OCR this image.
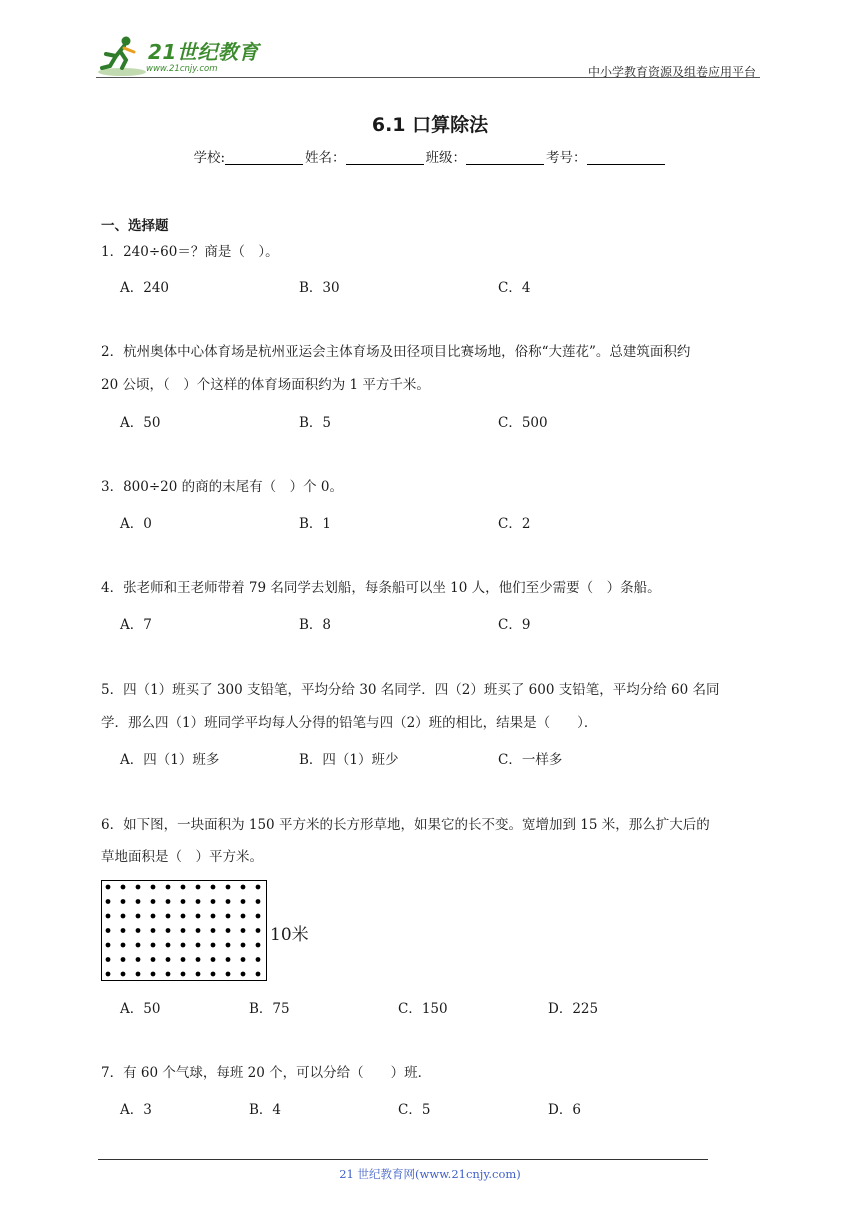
21世纪教育
www.21cnjy.com	中小学教育资源及组卷应用平台
6.1 口算除法
学校:	姓名：	班级：	考号：
一、选择题
1．240÷60＝？商是（　）。
A．240	B．30	C．4
2．杭州奥体中心体育场是杭州亚运会主体育场及田径项目比赛场地，俗称“大莲花”。总建筑面积约
20 公顷，（　）个这样的体育场面积约为 1 平方千米。
A．50	B．5	C．500
3．800÷20 的商的末尾有（　）个 0。
A．0	B．1	C．2
4．张老师和王老师带着 79 名同学去划船，每条船可以坐 10 人，他们至少需要（　）条船。
A．7	B．8	C．9
5．四（1）班买了 300 支铅笔，平均分给 30 名同学．四（2）班买了 600 支铅笔，平均分给 60 名同
学．那么四（1）班同学平均每人分得的铅笔与四（2）班的相比，结果是（　　）．
A．四（1）班多	B．四（1）班少	C．一样多
6．如下图，一块面积为 150 平方米的长方形草地，如果它的长不变。宽增加到 15 米，那么扩大后的
草地面积是（　）平方米。
10米
A．50	B．75	C．150	D．225
7．有 60 个气球，每班 20 个，可以分给（　　）班．
A．3	B．4	C．5	D．6
21 世纪教育网(www.21cnjy.com)
